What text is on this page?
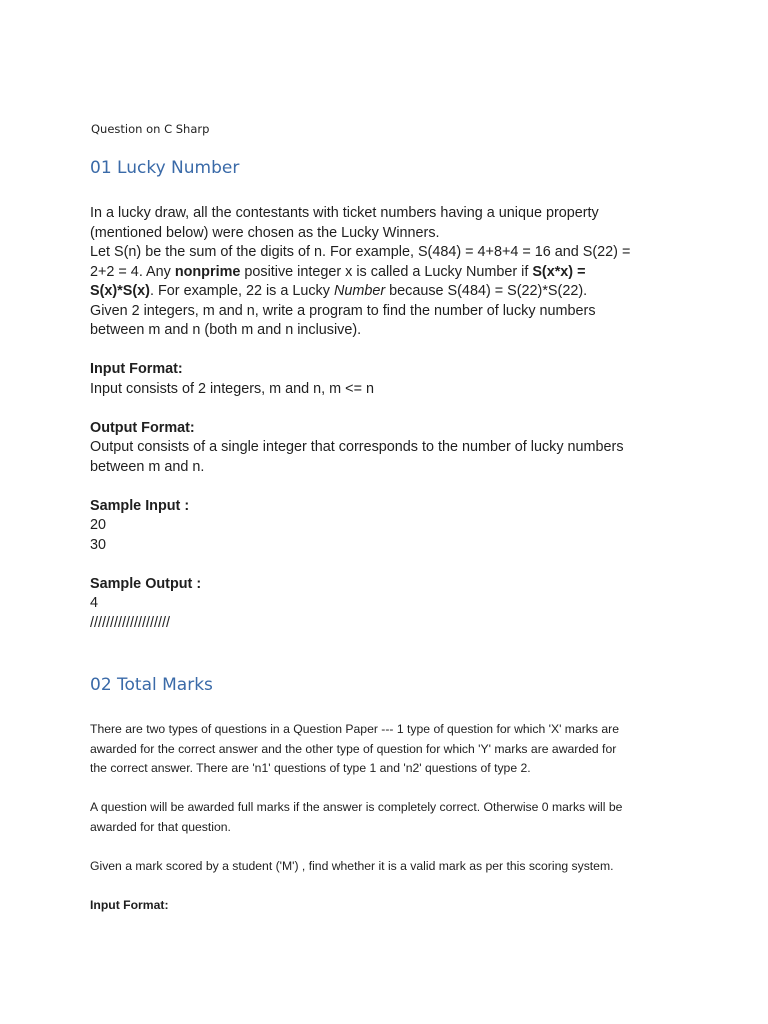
Question on C Sharp
01 Lucky Number

In a lucky draw, all the contestants with ticket numbers having a unique property

(mentioned below) were chosen as the Lucky Winners.

Let S(n) be the sum of the digits of n. For example, S(484) = 4+8+4 = 16 and S(22) =

2+2 = 4. Any nonprime positive integer x is called a Lucky Number if S(x*x) =

S(x)*S(x). For example, 22 is a Lucky Number because S(484) = S(22)*S(22).

Given 2 integers, m and n, write a program to find the number of lucky numbers

between m and n (both m and n inclusive).

Input Format:

Input consists of 2 integers, m and n, m <= n

Output Format:

Output consists of a single integer that corresponds to the number of lucky numbers

between m and n.

Sample Input :

20

30

Sample Output :

4

////////////////////

02 Total Marks

There are two types of questions in a Question Paper --- 1 type of question for which 'X' marks are

awarded for the correct answer and the other type of question for which 'Y' marks are awarded for

the correct answer. There are 'n1' questions of type 1 and 'n2' questions of type 2.

A question will be awarded full marks if the answer is completely correct. Otherwise 0 marks will be

awarded for that question.

Given a mark scored by a student ('M') , find whether it is a valid mark as per this scoring system.

Input Format:
